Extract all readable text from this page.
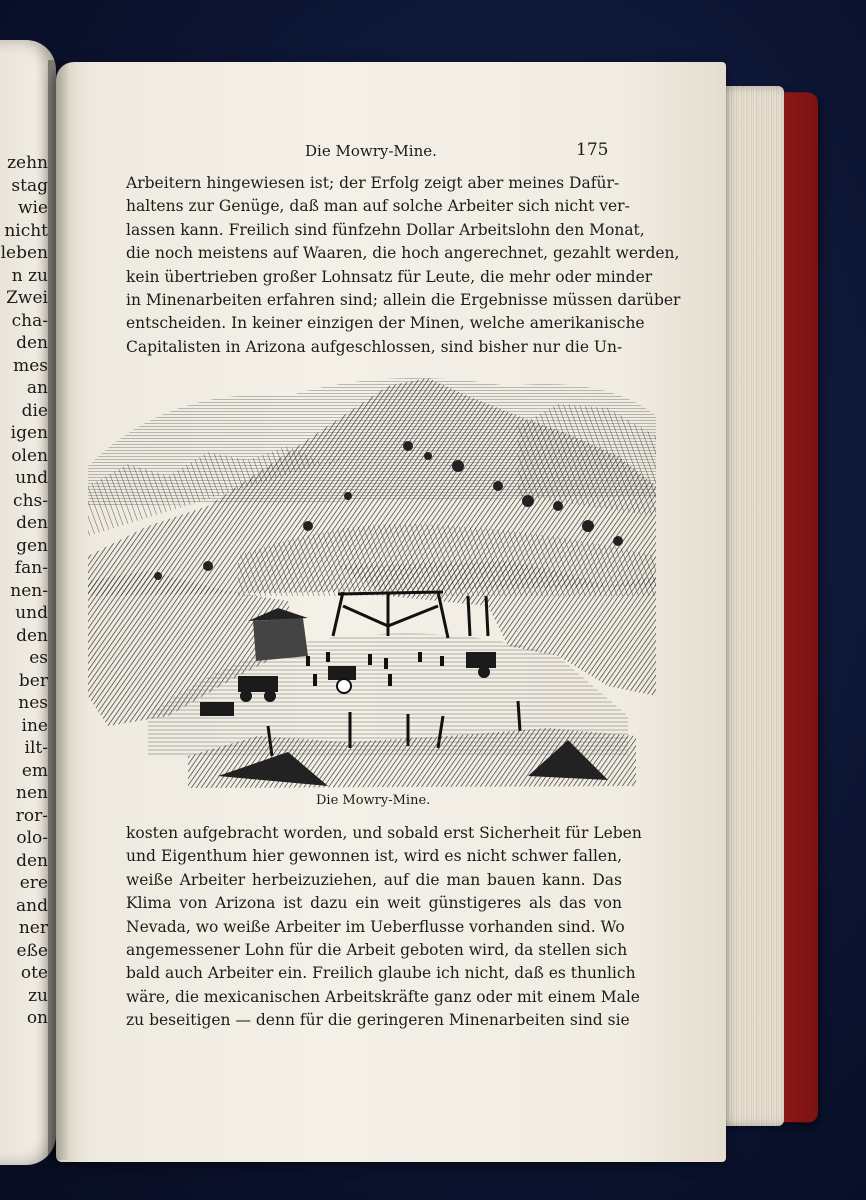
zehn
stag
wie
nicht
leben
n zu
Zwei
cha-
den
mes
an
die
igen
olen
und
chs-
den
gen
fan-
nen-
und
den
es
ber
nes
ine
ilt-
em
nen
ror-
olo-
den
ere
and
ner
eße
ote
zu
on
Die Mowry-Mine.	175
Arbeitern hingewiesen ist; der Erfolg zeigt aber meines Dafür-
haltens zur Genüge, daß man auf solche Arbeiter sich nicht ver-
lassen kann. Freilich sind fünfzehn Dollar Arbeitslohn den Monat,
die noch meistens auf Waaren, die hoch angerechnet, gezahlt werden,
kein übertrieben großer Lohnsatz für Leute, die mehr oder minder
in Minenarbeiten erfahren sind; allein die Ergebnisse müssen darüber
entscheiden. In keiner einzigen der Minen, welche amerikanische
Capitalisten in Arizona aufgeschlossen, sind bisher nur die Un-
Die Mowry-Mine.
kosten aufgebracht worden, und sobald erst Sicherheit für Leben
und Eigenthum hier gewonnen ist, wird es nicht schwer fallen,
weiße Arbeiter herbeizuziehen, auf die man bauen kann. Das
Klima von Arizona ist dazu ein weit günstigeres als das von
Nevada, wo weiße Arbeiter im Ueberflusse vorhanden sind. Wo
angemessener Lohn für die Arbeit geboten wird, da stellen sich
bald auch Arbeiter ein. Freilich glaube ich nicht, daß es thunlich
wäre, die mexicanischen Arbeitskräfte ganz oder mit einem Male
zu beseitigen — denn für die geringeren Minenarbeiten sind sie
